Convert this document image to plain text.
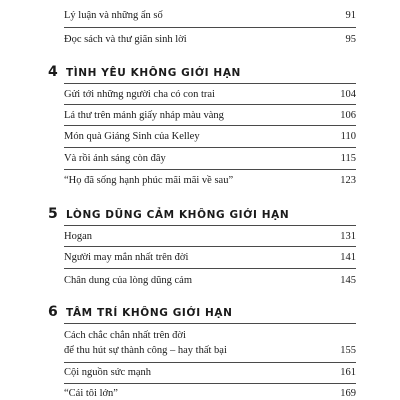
Lý luận và những ẩn số	91
Đọc sách và thư giãn sinh lời	95
4 TÌNH YÊU KHÔNG GIỚI HẠN
Gửi tới những người cha có con trai	104
Lá thư trên mảnh giấy nháp màu vàng	106
Món quà Giáng Sinh của Kelley	110
Và rồi ánh sáng còn đây	115
“Họ đã sống hạnh phúc mãi mãi về sau”	123
5 LÒNG DŨNG CẢM KHÔNG GIỚI HẠN
Hogan	131
Người may mắn nhất trên đời	141
Chân dung của lòng dũng cảm	145
6 TÂM TRÍ KHÔNG GIỚI HẠN
Cách chắc chắn nhất trên đời
để thu hút sự thành công – hay thất bại	155
Cội nguồn sức mạnh	161
“Cái tôi lớn”	169
